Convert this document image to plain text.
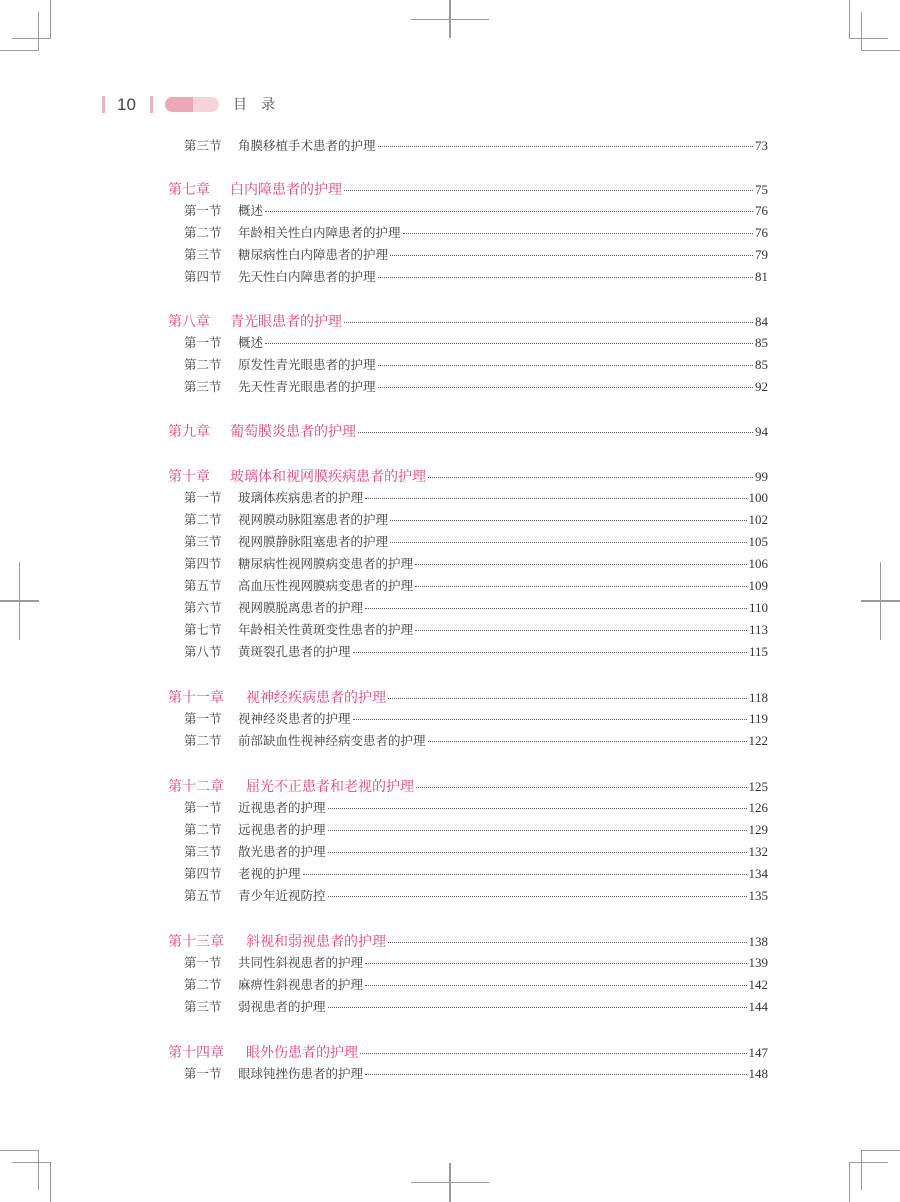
10	目录
第三节	角膜移植手术患者的护理	73
第七章	白内障患者的护理	75
第一节	概述	76
第二节	年龄相关性白内障患者的护理	76
第三节	糖尿病性白内障患者的护理	79
第四节	先天性白内障患者的护理	81
第八章	青光眼患者的护理	84
第一节	概述	85
第二节	原发性青光眼患者的护理	85
第三节	先天性青光眼患者的护理	92
第九章	葡萄膜炎患者的护理	94
第十章	玻璃体和视网膜疾病患者的护理	99
第一节	玻璃体疾病患者的护理	100
第二节	视网膜动脉阻塞患者的护理	102
第三节	视网膜静脉阻塞患者的护理	105
第四节	糖尿病性视网膜病变患者的护理	106
第五节	高血压性视网膜病变患者的护理	109
第六节	视网膜脱离患者的护理	110
第七节	年龄相关性黄斑变性患者的护理	113
第八节	黄斑裂孔患者的护理	115
第十一章	视神经疾病患者的护理	118
第一节	视神经炎患者的护理	119
第二节	前部缺血性视神经病变患者的护理	122
第十二章	屈光不正患者和老视的护理	125
第一节	近视患者的护理	126
第二节	远视患者的护理	129
第三节	散光患者的护理	132
第四节	老视的护理	134
第五节	青少年近视防控	135
第十三章	斜视和弱视患者的护理	138
第一节	共同性斜视患者的护理	139
第二节	麻痹性斜视患者的护理	142
第三节	弱视患者的护理	144
第十四章	眼外伤患者的护理	147
第一节	眼球钝挫伤患者的护理	148
